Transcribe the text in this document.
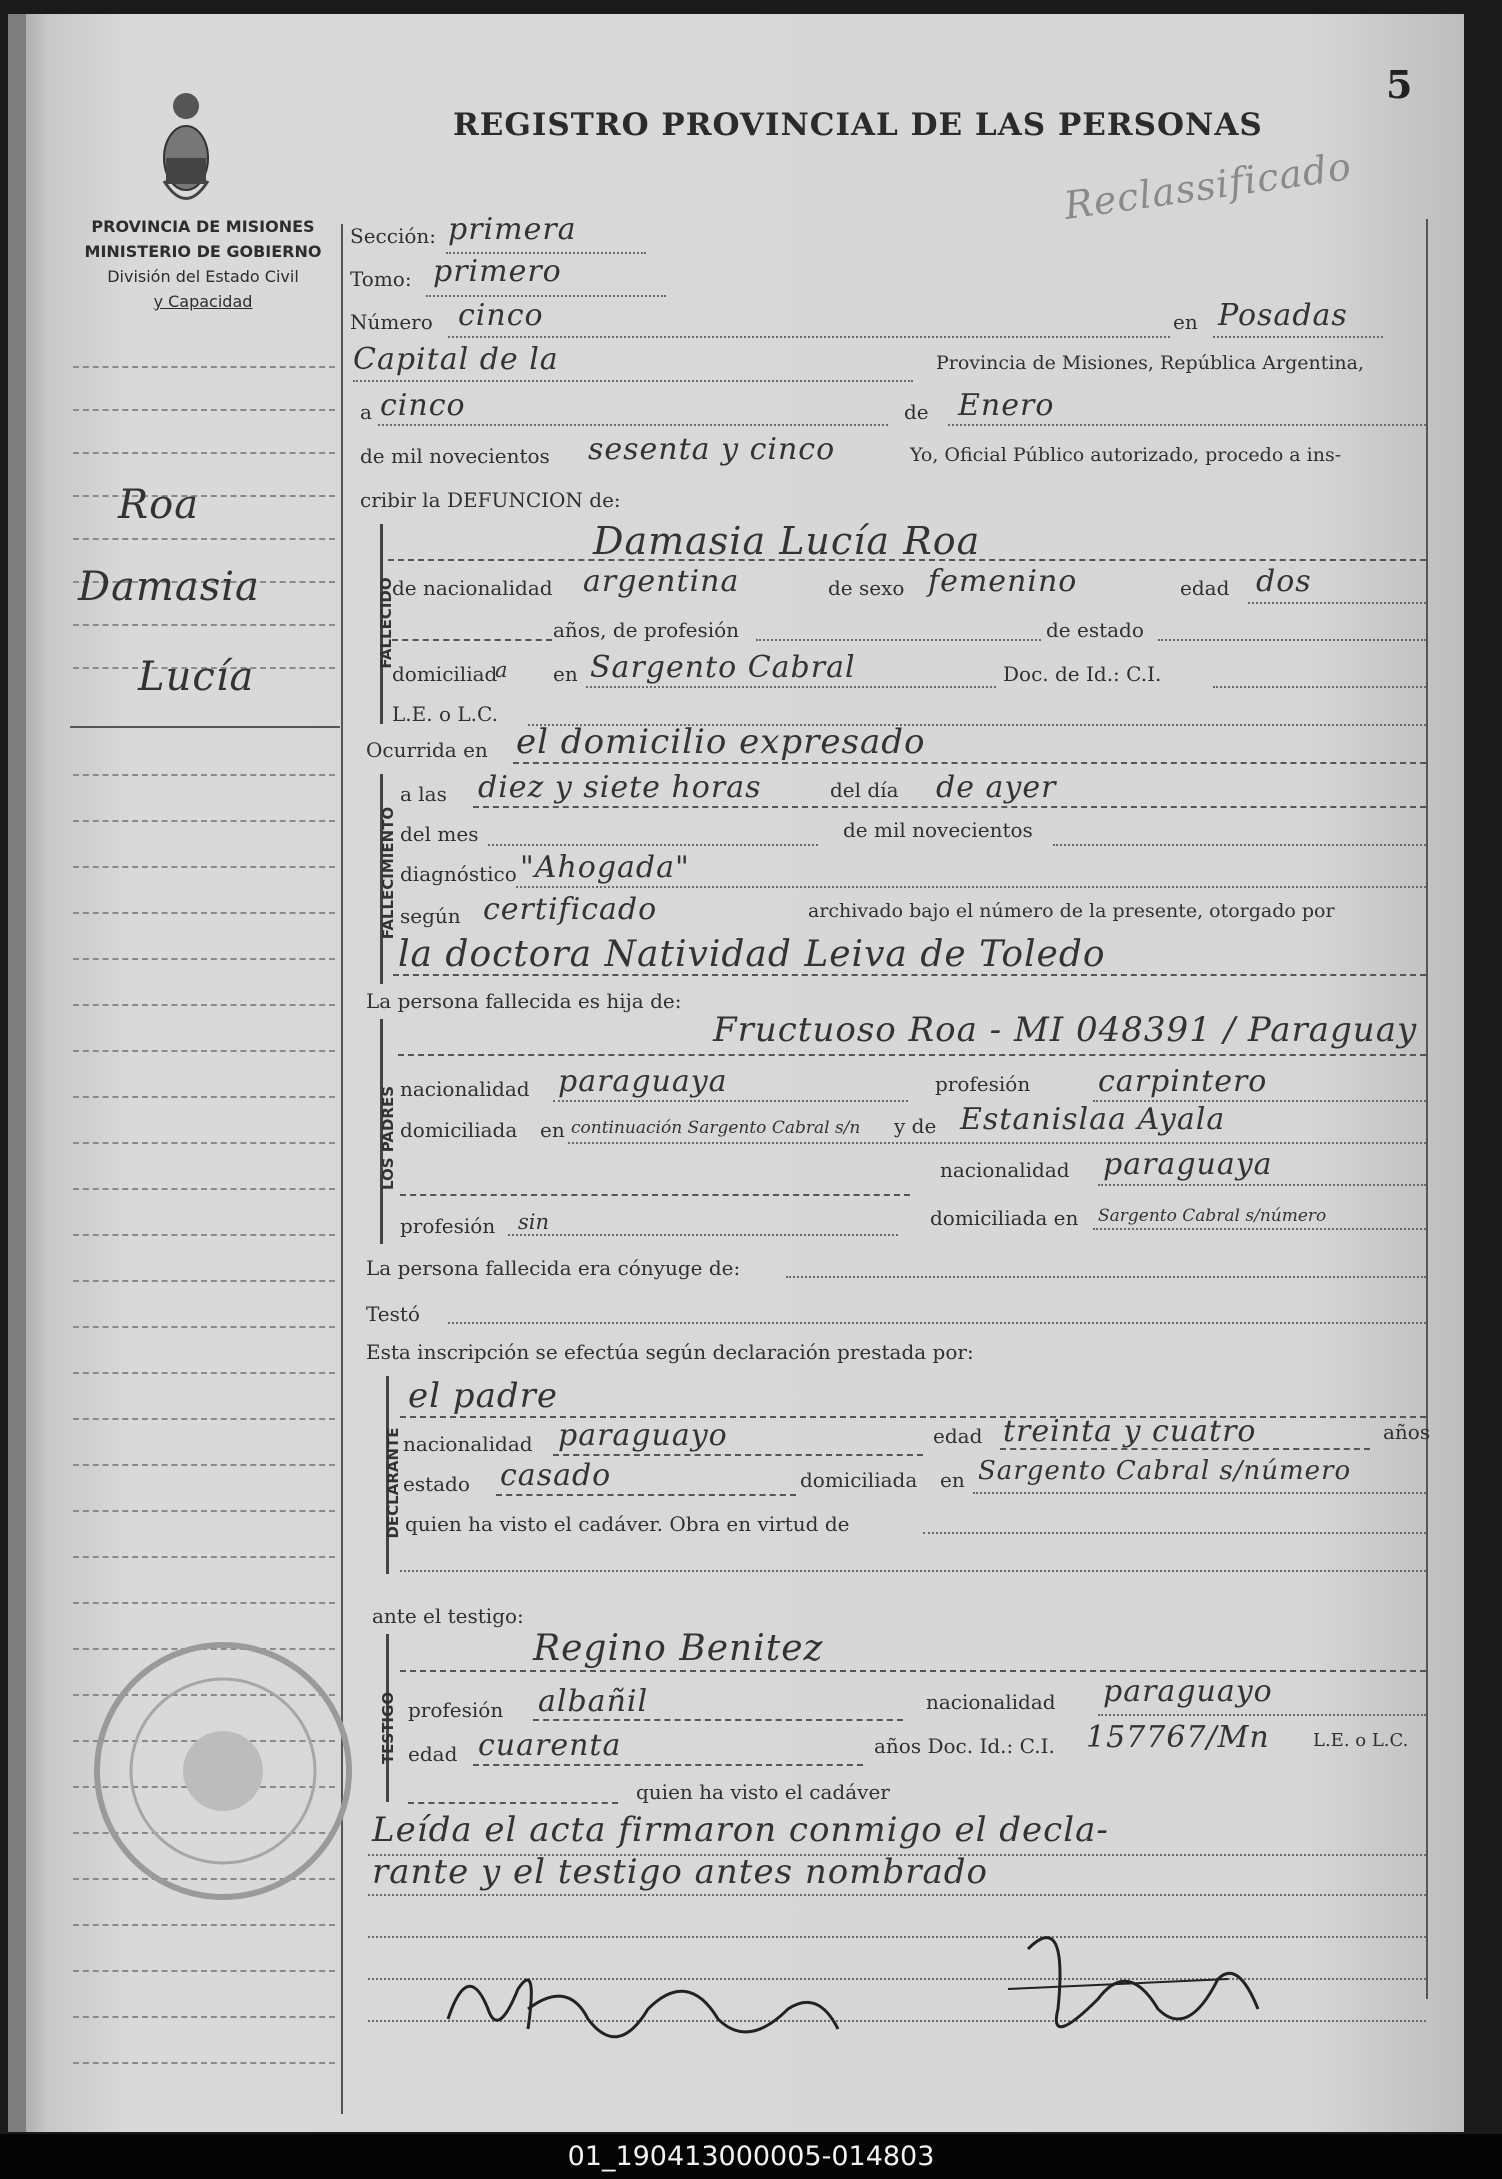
PROVINCIA DE MISIONES
MINISTERIO DE GOBIERNO
División del Estado Civil
y Capacidad
Roa
Damasia
Lucía
REGISTRO PROVINCIAL DE LAS PERSONAS
5
Reclassificado
Sección: primera
Tomo: primero
Número cinco	en Posadas
Capital de la	Provincia de Misiones, República Argentina,
a cinco	de Enero
de mil novecientos sesenta y cinco	Yo, Oficial Público autorizado, procedo a ins-
cribir la DEFUNCION de:
FALLECIDO
Damasia Lucía Roa
de nacionalidad argentina	de sexo femenino	edad dos
años, de profesión	de estado
domiciliad
a en Sargento Cabral	Doc. de Id.: C.I.
L.E. o L.C.
Ocurrida en el domicilio expresado
FALLECIMIENTO
a las diez y siete horas	del día de ayer
del mes	de mil novecientos
diagnóstico "Ahogada"
según certificado	archivado bajo el número de la presente, otorgado por
la doctora Natividad Leiva de Toledo
La persona fallecida es hija de:
LOS PADRES
Fructuoso Roa - MI 048391 / Paraguay
nacionalidad paraguaya	profesión carpintero
domiciliada en continuación Sargento Cabral s/n y de Estanislaa Ayala
nacionalidad paraguaya
profesión sin	domiciliada en Sargento Cabral s/número
La persona fallecida era cónyuge de:
Testó
Esta inscripción se efectúa según declaración prestada por:
DECLARANTE
el padre
nacionalidad paraguayo	edad treinta y cuatro	años
estado casado	domiciliada en Sargento Cabral s/número
quien ha visto el cadáver. Obra en virtud de
ante el testigo:
TESTIGO
Regino Benitez
profesión albañil	nacionalidad paraguayo
edad cuarenta	años Doc. Id.: C.I. 157767/Mn L.E. o L.C.
quien ha visto el cadáver
Leída el acta firmaron conmigo el decla-
rante y el testigo antes nombrado
01_190413000005-014803
